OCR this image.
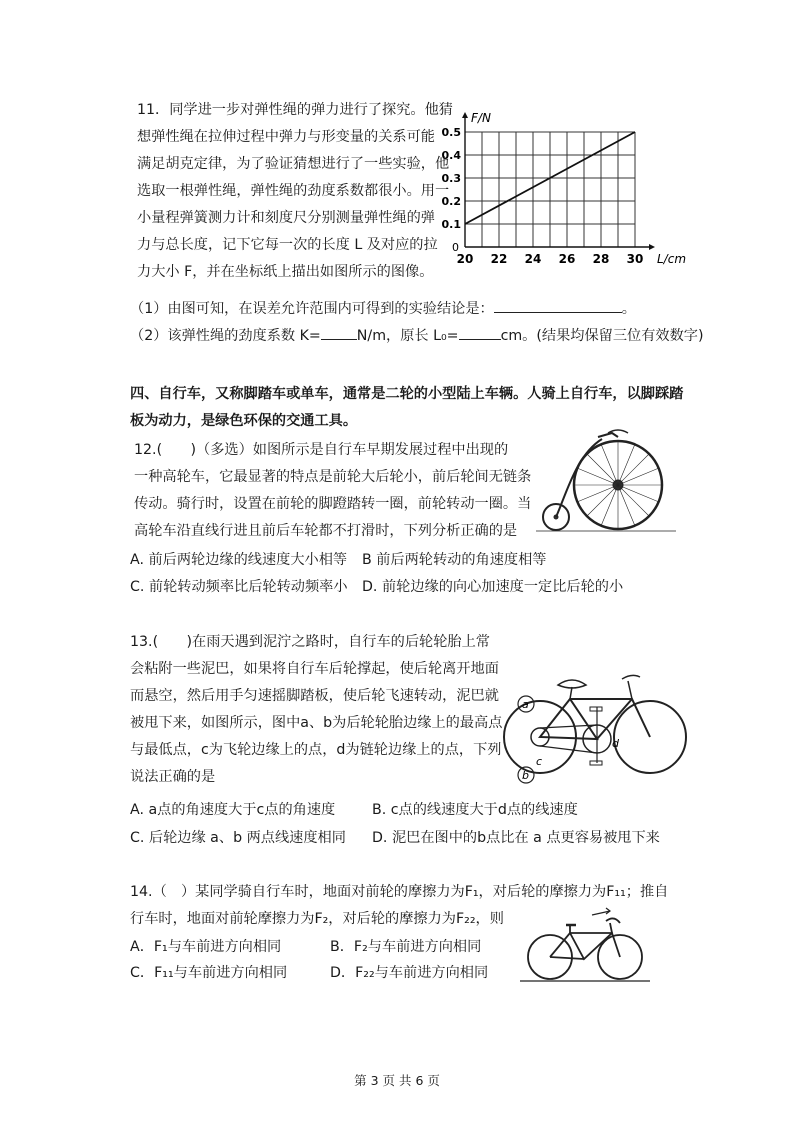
11．同学进一步对弹性绳的弹力进行了探究。他猜
想弹性绳在拉伸过程中弹力与形变量的关系可能
满足胡克定律，为了验证猜想进行了一些实验，他
选取一根弹性绳，弹性绳的劲度系数都很小。用一
小量程弹簧测力计和刻度尺分别测量弹性绳的弹
力与总长度，记下它每一次的长度 L 及对应的拉
力大小 F，并在坐标纸上描出如图所示的图像。
（1）由图可知，在误差允许范围内可得到的实验结论是：	。
（2）该弹性绳的劲度系数 K=	N/m，原长 L₀=	cm。(结果均保留三位有效数字)
20 22 24 26 28 30
0.5
0.4
0.3
0.2
0.1
0
L/cm
F/N
四、自行车，又称脚踏车或单车，通常是二轮的小型陆上车辆。人骑上自行车，以脚踩踏
板为动力，是绿色环保的交通工具。
12.(　　)（多选）如图所示是自行车早期发展过程中出现的
一种高轮车，它最显著的特点是前轮大后轮小，前后轮间无链条
传动。骑行时，设置在前轮的脚蹬踏转一圈，前轮转动一圈。当
高轮车沿直线行进且前后车轮都不打滑时，下列分析正确的是
A. 前后两轮边缘的线速度大小相等 B 前后两轮转动的角速度相等
C. 前轮转动频率比后轮转动频率小 D. 前轮边缘的向心加速度一定比后轮的小
13.(　　)在雨天遇到泥泞之路时，自行车的后轮轮胎上常
会粘附一些泥巴，如果将自行车后轮撑起，使后轮离开地面
而悬空，然后用手匀速摇脚踏板，使后轮飞速转动，泥巴就
被甩下来，如图所示，图中a、b为后轮轮胎边缘上的最高点
与最低点，c为飞轮边缘上的点，d为链轮边缘上的点，下列
说法正确的是
A. a点的角速度大于c点的角速度	B. c点的线速度大于d点的线速度
C. 后轮边缘 a、b 两点线速度相同 D. 泥巴在图中的b点比在 a 点更容易被甩下来
a
b
c
d
14.（　）某同学骑自行车时，地面对前轮的摩擦力为F₁，对后轮的摩擦力为F₁₁；推自
行车时，地面对前轮摩擦力为F₂，对后轮的摩擦力为F₂₂，则
A．F₁与车前进方向相同	B．F₂与车前进方向相同
C．F₁₁与车前进方向相同	D．F₂₂与车前进方向相同
第 3 页 共 6 页
